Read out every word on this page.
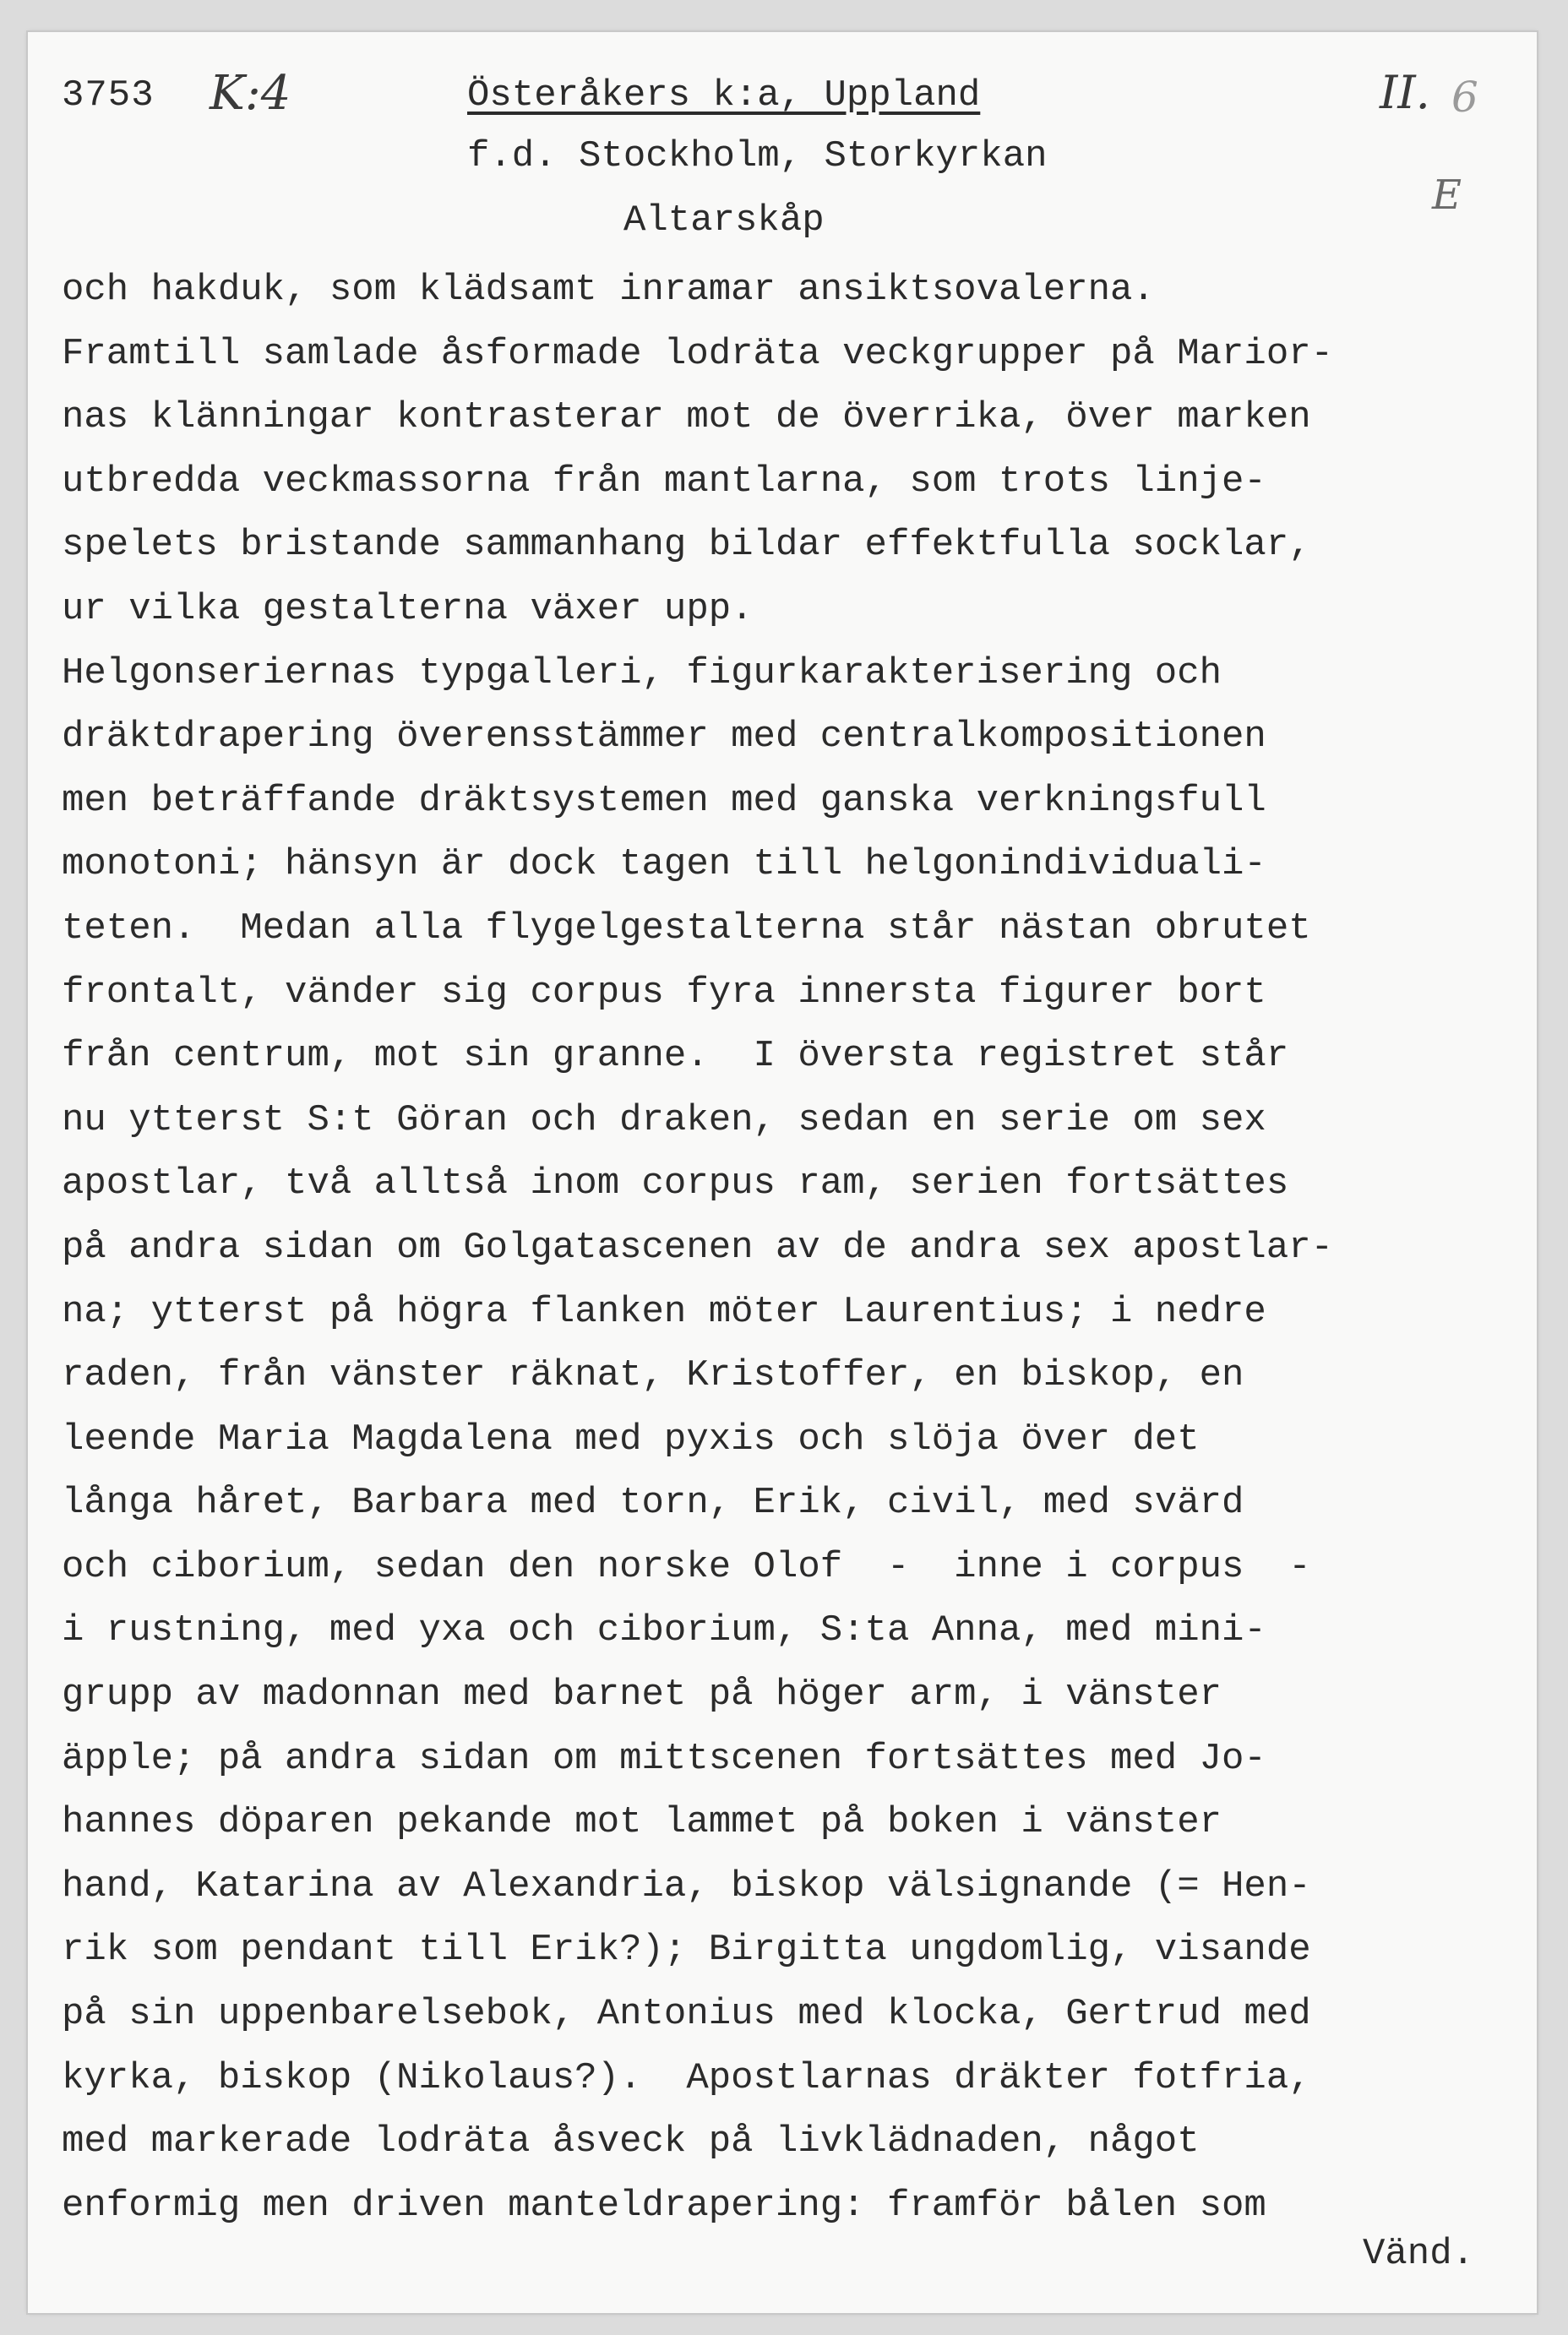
3753 K:4	Österåkers k:a, Uppland
f.d. Stockholm, Storkyrkan
Altarskåp
II. 6
E
och hakduk, som klädsamt inramar ansiktsovalerna.
Framtill samlade åsformade lodräta veckgrupper på Marior-
nas klänningar kontrasterar mot de överrika, över marken
utbredda veckmassorna från mantlarna, som trots linje-
spelets bristande sammanhang bildar effektfulla socklar,
ur vilka gestalterna växer upp.
Helgonseriernas typgalleri, figurkarakterisering och
dräktdrapering överensstämmer med centralkompositionen
men beträffande dräktsystemen med ganska verkningsfull
monotoni; hänsyn är dock tagen till helgonindividuali-
teten.  Medan alla flygelgestalterna står nästan obrutet
frontalt, vänder sig corpus fyra innersta figurer bort
från centrum, mot sin granne.  I översta registret står
nu ytterst S:t Göran och draken, sedan en serie om sex
apostlar, två alltså inom corpus ram, serien fortsättes
på andra sidan om Golgatascenen av de andra sex apostlar-
na; ytterst på högra flanken möter Laurentius; i nedre
raden, från vänster räknat, Kristoffer, en biskop, en
leende Maria Magdalena med pyxis och slöja över det
långa håret, Barbara med torn, Erik, civil, med svärd
och ciborium, sedan den norske Olof  -  inne i corpus  -
i rustning, med yxa och ciborium, S:ta Anna, med mini-
grupp av madonnan med barnet på höger arm, i vänster
äpple; på andra sidan om mittscenen fortsättes med Jo-
hannes döparen pekande mot lammet på boken i vänster
hand, Katarina av Alexandria, biskop välsignande (= Hen-
rik som pendant till Erik?); Birgitta ungdomlig, visande
på sin uppenbarelsebok, Antonius med klocka, Gertrud med
kyrka, biskop (Nikolaus?).  Apostlarnas dräkter fotfria,
med markerade lodräta åsveck på livklädnaden, något
enformig men driven manteldrapering: framför bålen som
Vänd.
